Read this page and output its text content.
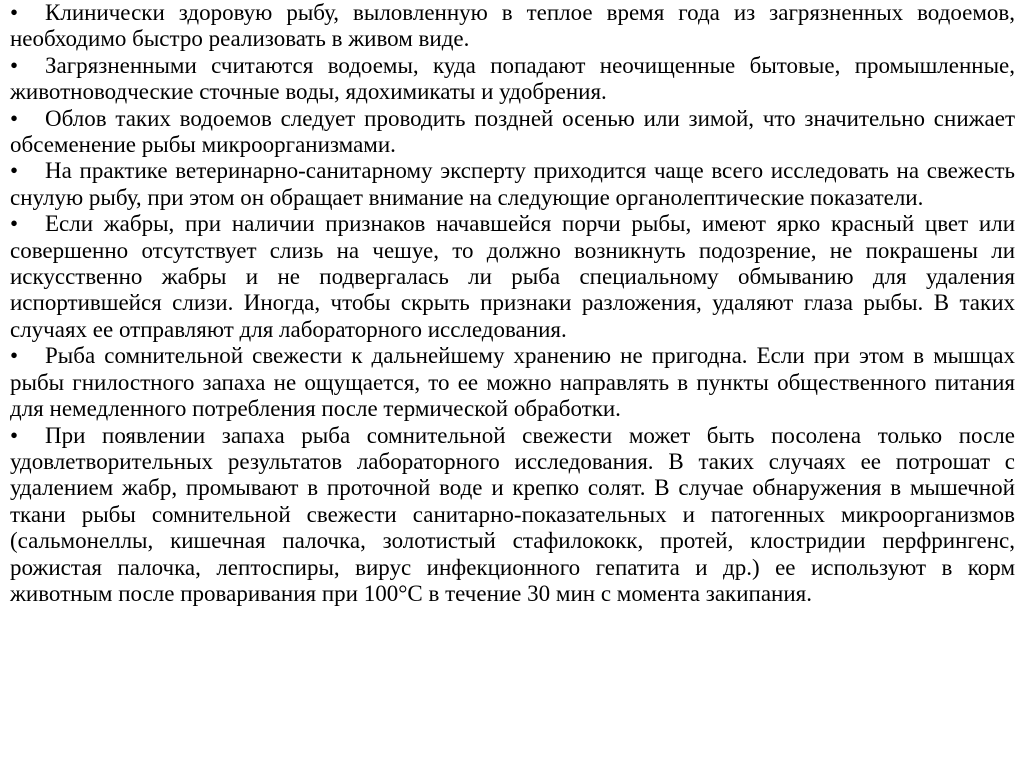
• Клинически здоровую рыбу, выловленную в теплое время года из загрязненных водоемов, необходимо быстро реализовать в живом виде.
• Загрязненными считаются водоемы, куда попадают неочищенные бытовые, промышленные, животноводческие сточные воды, ядохимикаты и удобрения.
• Облов таких водоемов следует проводить поздней осенью или зимой, что значительно снижает обсеменение рыбы микроорганизмами.
• На практике ветеринарно-санитарному эксперту приходится чаще всего исследовать на свежесть снулую рыбу, при этом он обращает внимание на следующие органолептические показатели.
• Если жабры, при наличии признаков начавшейся порчи рыбы, имеют ярко красный цвет или совершенно отсутствует слизь на чешуе, то должно возникнуть подозрение, не покрашены ли искусственно жабры и не подвергалась ли рыба специальному обмыванию для удаления испортившейся слизи. Иногда, чтобы скрыть признаки разложения, удаляют глаза рыбы. В таких случаях ее отправляют для лабораторного исследования.
• Рыба сомнительной свежести к дальнейшему хранению не пригодна. Если при этом в мышцах рыбы гнилостного запаха не ощущается, то ее можно направлять в пункты общественного питания для немедленного потребления после термической обработки.
• При появлении запаха рыба сомнительной свежести может быть посолена только после удовлетворительных результатов лабораторного исследования. В таких случаях ее потрошат с удалением жабр, промывают в проточной воде и крепко солят. В случае обнаружения в мышечной ткани рыбы сомнительной свежести санитарно-показательных и патогенных микроорганизмов (сальмонеллы, кишечная палочка, золотистый стафилококк, протей, клостридии перфрингенс, рожистая палочка, лептоспиры, вирус инфекционного гепатита и др.) ее используют в корм животным после проваривания при 100°C в течение 30 мин с момента закипания.
